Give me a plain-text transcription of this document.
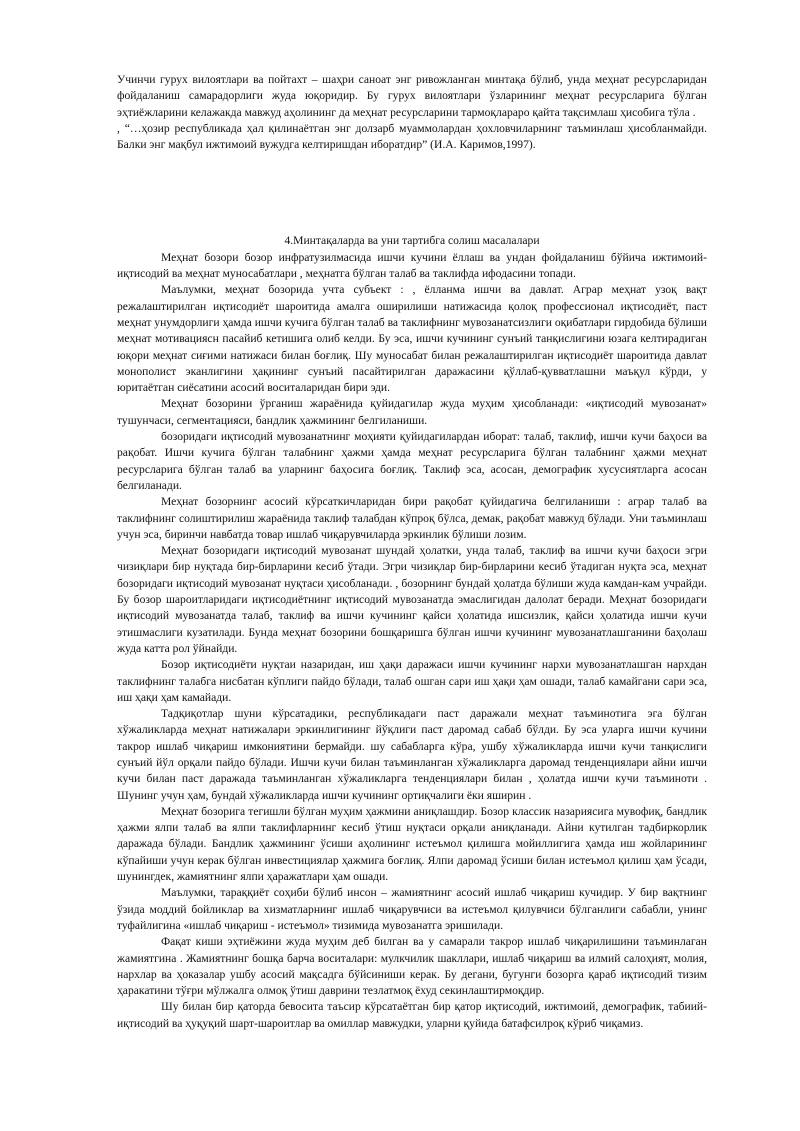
Учинчи гурух вилоятлари ва пойтахт – шаҳри саноат энг ривожланган минтақа бўлиб, унда меҳнат ресурсларидан фойдаланиш самарадорлиги жуда юқоридир. Бу гурух вилоятлари ўзларининг меҳнат ресурсларига бўлган эҳтиёжларини келажакда мавжуд аҳолининг да меҳнат ресурсларини тармоқлараро қайта тақсимлаш ҳисобига тўла .

, “…ҳозир республикада ҳал қилинаётган энг долзарб муаммолардан ҳохловчиларнинг таъминлаш ҳисобланмайди. Балки энг мақбул ижтимоий вужудга келтиришдан иборатдир” (И.А. Каримов,1997).

4.Минтақаларда ва уни тартибга солиш масалалари

Меҳнат бозори бозор инфратузилмасида ишчи кучини ёллаш ва ундан фойдаланиш бўйича ижтимоий-иқтисодий ва меҳнат муносабатлари , меҳнатга бўлган талаб ва таклифда ифодасини топади.

Маълумки, меҳнат бозорида учта субъект : , ёлланма ишчи ва давлат. Аграр меҳнат узоқ вақт режалаштирилган иқтисодиёт шароитида амалга оширилиши натижасида қолоқ профессионал иқтисодиёт, паст меҳнат унумдорлиги ҳамда ишчи кучига бўлган талаб ва таклифнинг мувозанатсизлиги оқибатлари гирдобида бўлиши меҳнат мотивациясн пасайиб кетишига олиб келди. Бу эса, ишчи кучининг сунъий танқислигини юзага келтирадиган юқори меҳнат сиғими натижаси билан боғлиқ. Шу муносабат билан режалаштирилган иқтисодиёт шароитида давлат монополист эканлигини ҳақининг сунъий пасайтирилган даражасини қўллаб-қувватлашни маъқул кўрди, у юритаётган сиёсатини асосий воситаларидан бири эди.

Меҳнат бозорини ўрганиш жараёнида қуйидагилар жуда муҳим ҳисобланади: «иқтисодий мувозанат» тушунчаси, сегментацияси, бандлик ҳажмининг белгиланиши.

бозоридаги иқтисодий мувозанатнинг моҳияти қуйидагилардан иборат: талаб, таклиф, ишчи кучи баҳоси ва рақобат. Ишчи кучига бўлган талабнинг ҳажми ҳамда меҳнат ресурсларига бўлган талабнинг ҳажми меҳнат ресурсларига бўлган талаб ва уларнинг баҳосига боғлиқ. Таклиф эса, асосан, демографик хусусиятларга асосан белгиланади.

Меҳнат бозорнинг асосий кўрсаткичларидан бири рақобат қуйидагича белгиланиши : аграр талаб ва таклифнинг солиштирилиш жараёнида таклиф талабдан кўпроқ бўлса, демак, рақобат мавжуд бўлади. Уни таъминлаш учун эса, биринчи навбатда товар ишлаб чиқарувчиларда эркинлик бўлиши лозим.

Меҳнат бозоридаги иқтисодий мувозанат шундай ҳолатки, унда талаб, таклиф ва ишчи кучи баҳоси эгри чизиқлари бир нуқтада бир-бирларини кесиб ўтади. Эгри чизиқлар бир-бирларини кесиб ўтадиган нуқта эса, меҳнат бозоридаги иқтисодий мувозанат нуқтаси ҳисобланади. , бозорнинг бундай ҳолатда бўлиши жуда камдан-кам учрайди. Бу бозор шароитларидаги иқтисодиётнинг иқтисодий мувозанатда эмаслигидан далолат беради. Меҳнат бозоридаги иқтисодий мувозанатда талаб, таклиф ва ишчи кучининг қайси ҳолатида ишсизлик, қайси ҳолатида ишчи кучи этишмаслиги кузатилади. Бунда меҳнат бозорини бошқаришга бўлган ишчи кучининг мувозанатлашганини баҳолаш жуда катта рол ўйнайди.

Бозор иқтисодиёти нуқтаи назаридан, иш ҳақи даражаси ишчи кучининг нархи мувозанатлашган нархдан таклифнинг талабга нисбатан кўплиги пайдо бўлади, талаб ошган сари иш ҳақи ҳам ошади, талаб камайгани сари эса, иш ҳақи ҳам камайади.

Тадқиқотлар шуни кўрсатадики, республикадаги паст даражали меҳнат таъминотига эга бўлган хўжаликларда меҳнат натижалари эркинлигининг йўқлиги паст даромад сабаб бўлди. Бу эса уларга ишчи кучини такрор ишлаб чиқариш имкониятини бермайди. шу сабабларга кўра, ушбу хўжаликларда ишчи кучи танқислиги сунъий йўл орқали пайдо бўлади. Ишчи кучи билан таъминланган хўжаликларга даромад тенденциялари айни ишчи кучи билан паст даражада таъминланган хўжаликларга тенденциялари билан , ҳолатда ишчи кучи таъминоти . Шунинг учун ҳам, бундай хўжаликларда ишчи кучининг ортиқчалиги ёки яширин .

Меҳнат бозорига тегишли бўлган муҳим ҳажмини аниқлашдир. Бозор классик назариясига мувофиқ, бандлик ҳажми ялпи талаб ва ялпи таклифларнинг кесиб ўтиш нуқтаси орқали аниқланади. Айни кутилган тадбиркорлик даражада бўлади. Бандлик ҳажмининг ўсиши аҳолининг истеъмол қилишга мойиллигига ҳамда иш жойларининг кўпайиши учун керак бўлган инвестициялар ҳажмига боғлиқ. Ялпи даромад ўсиши билан истеъмол қилиш ҳам ўсади, шунингдек, жамиятнинг ялпи ҳаражатлари ҳам ошади.

Маълумки, тараққиёт соҳиби бўлиб инсон – жамиятнинг асосий ишлаб чиқариш кучидир. У бир вақтнинг ўзида моддий бойликлар ва хизматларнинг ишлаб чиқарувчиси ва истеъмол қилувчиси бўлганлиги сабабли, унинг туфайлигина «ишлаб чиқариш - истеъмол» тизимида мувозанатга эришилади.

Фақат киши эҳтиёжини жуда муҳим деб билган ва у самарали такрор ишлаб чиқарилишини таъминлаган жамиятгина . Жамиятнинг бошқа барча воситалари: мулкчилик шакллари, ишлаб чиқариш ва илмий салоҳият, молия, нархлар ва ҳоказалар ушбу асосий мақсадга бўйсиниши керак. Бу дегани, бугунги бозорга қараб иқтисодий тизим ҳаракатини тўғри мўлжалга олмоқ ўтиш даврини тезлатмоқ ёхуд секинлаштирмоқдир.

Шу билан бир қаторда бевосита таъсир кўрсатаётган бир қатор иқтисодий, ижтимоий, демографик, табиий-иқтисодий ва ҳуқуқий шарт-шароитлар ва омиллар мавжудки, уларни қуйида батафсилроқ кўриб чиқамиз.
